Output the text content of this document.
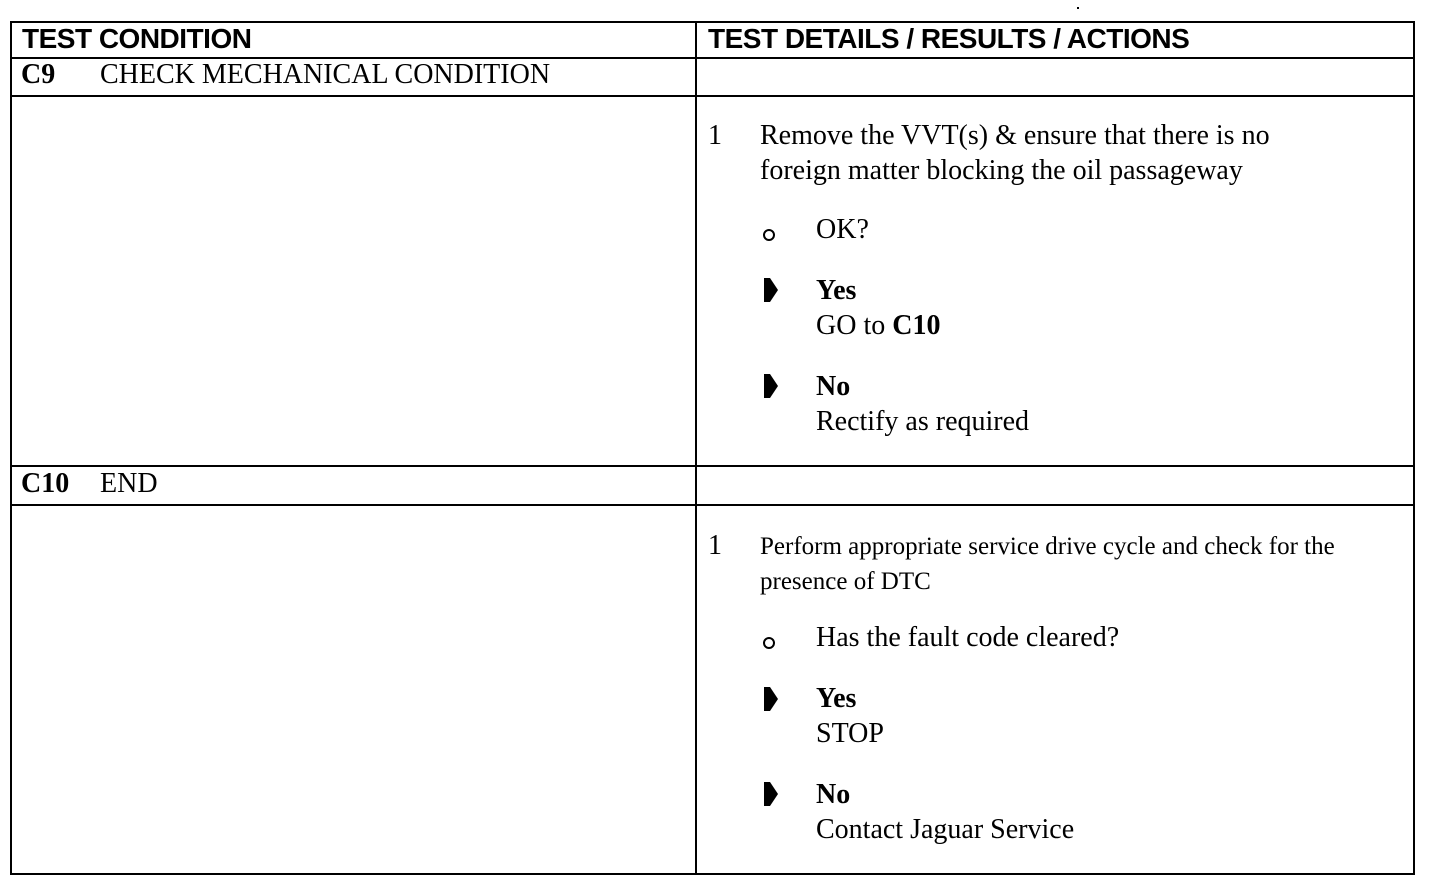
TEST CONDITION	TEST DETAILS / RESULTS / ACTIONS
C9 CHECK MECHANICAL CONDITION
1 Remove the VVT(s) & ensure that there is no
foreign matter blocking the oil passageway
OK?
Yes
GO to C10
No
Rectify as required
C10 END
1 Perform appropriate service drive cycle and check for the
presence of DTC
Has the fault code cleared?
Yes
STOP
No
Contact Jaguar Service
